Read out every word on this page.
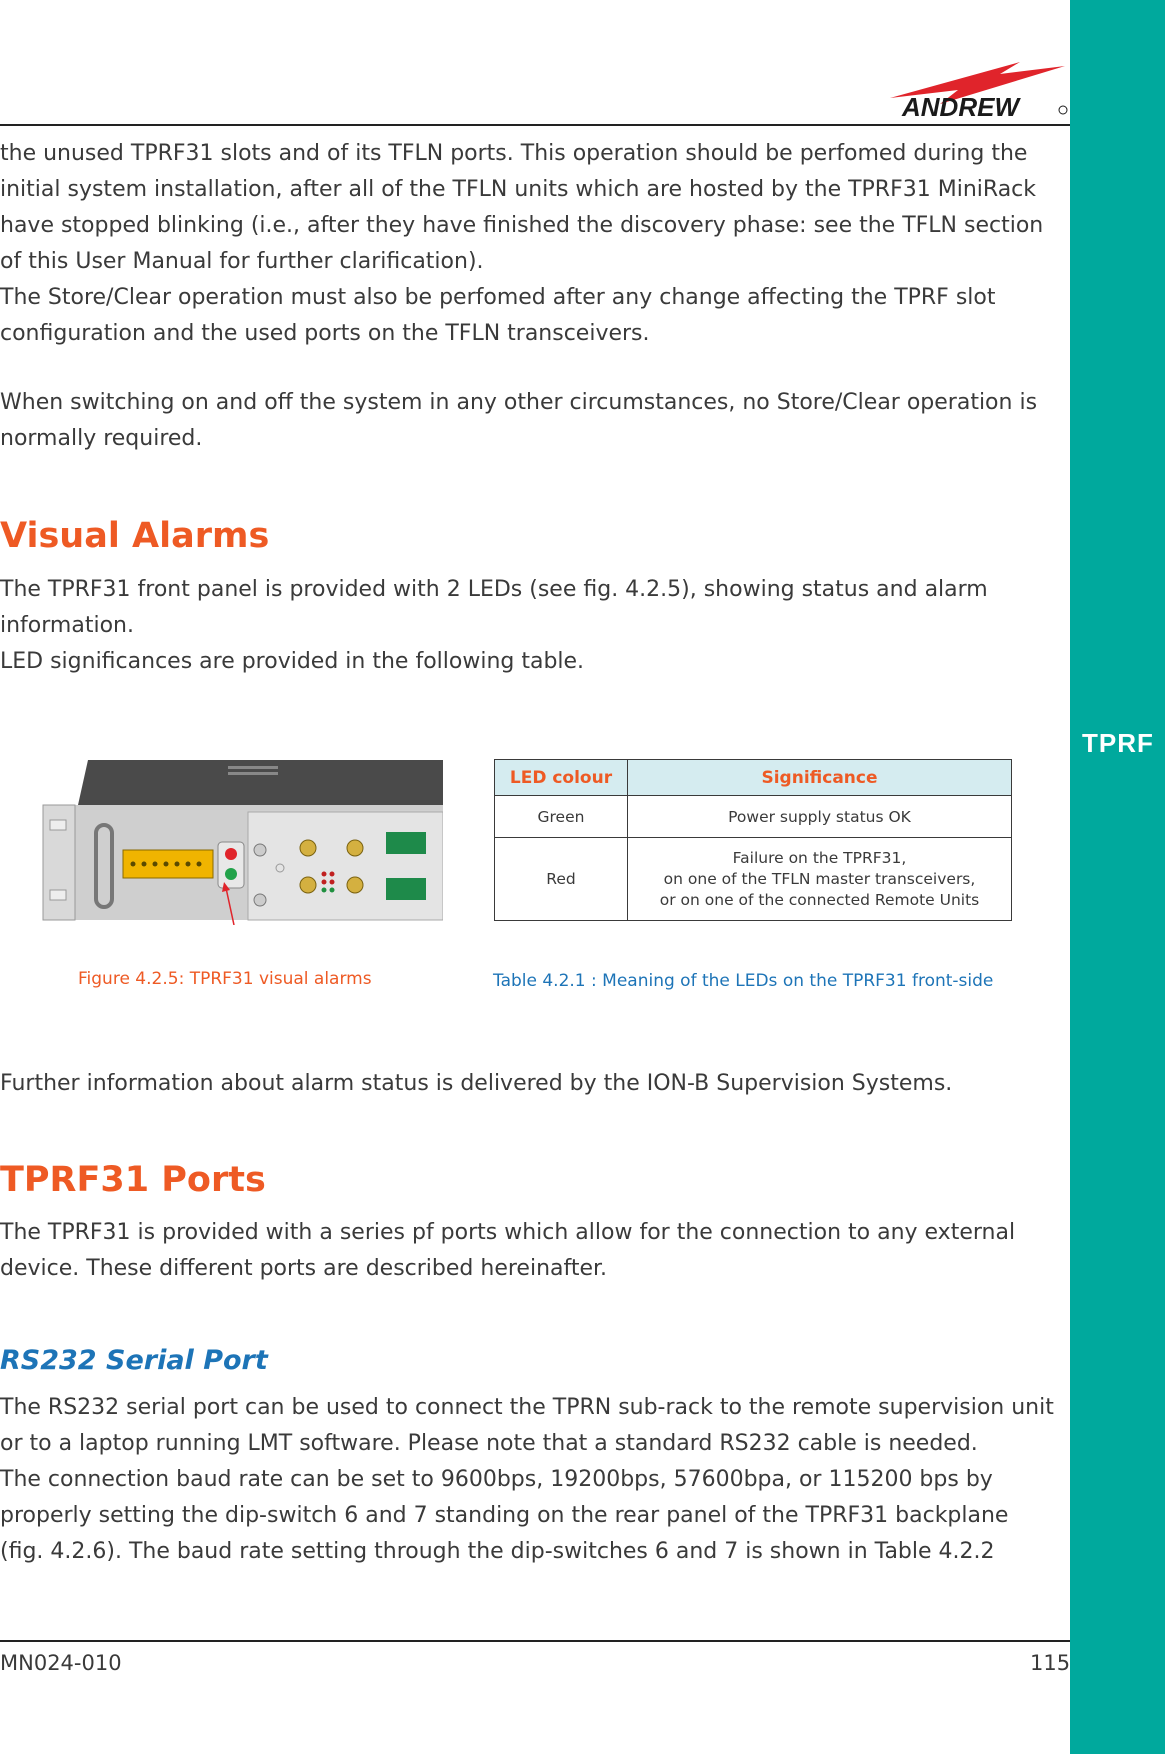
TPRF
ANDREW

the unused TPRF31 slots and of its TFLN ports. This operation should be perfomed during the
initial system installation, after all of the TFLN units which are hosted by the TPRF31 MiniRack
have stopped blinking (i.e., after they have finished the discovery phase: see the TFLN section
of this User Manual for further clarification).
The Store/Clear operation must also be perfomed after any change affecting the TPRF slot
configuration and the used ports on the TFLN transceivers.

When switching on and off the system in any other circumstances, no Store/Clear operation is
normally required.

Visual Alarms

The TPRF31 front panel is provided with 2 LEDs (see fig. 4.2.5), showing status and alarm
information.
LED significances are provided in the following table.

Figure 4.2.5: TPRF31 visual alarms
LED colour	Significance
Green	Power supply status OK
Red	Failure on the TPRF31,
on one of the TFLN master transceivers,
or on one of the connected Remote Units
Table 4.2.1 : Meaning of the LEDs on the TPRF31 front-side

Further information about alarm status is delivered by the ION-B Supervision Systems.

TPRF31 Ports

The TPRF31 is provided with a series pf ports which allow for the connection to any external
device. These different ports are described hereinafter.

RS232 Serial Port

The RS232 serial port can be used to connect the TPRN sub-rack to the remote supervision unit
or to a laptop running LMT software. Please note that a standard RS232 cable is needed.
The connection baud rate can be set to 9600bps, 19200bps, 57600bpa, or 115200 bps by
properly setting the dip-switch 6 and 7 standing on the rear panel of the TPRF31 backplane
(fig. 4.2.6). The baud rate setting through the dip-switches 6 and 7 is shown in Table 4.2.2

MN024-010	115
